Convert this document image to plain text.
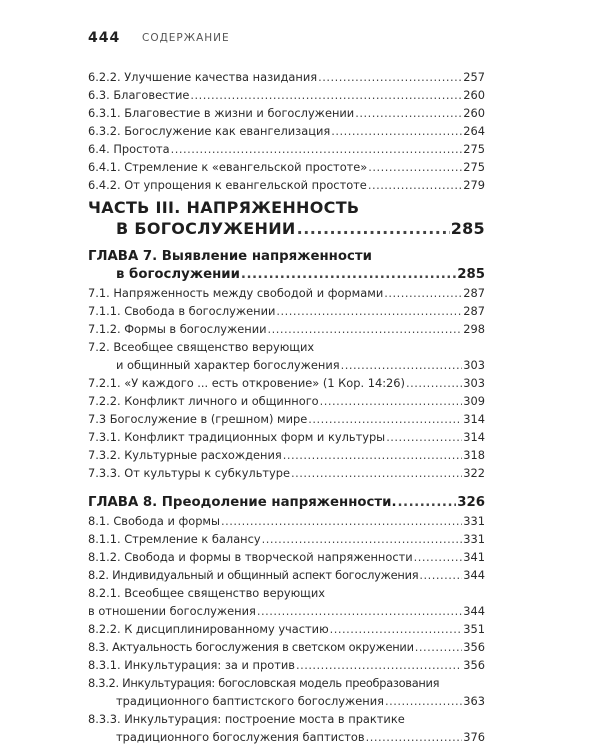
444 СОДЕРЖАНИЕ
6.2.2. Улучшение качества назидания .....	257
6.3. Благовестие .....	260
6.3.1. Благовестие в жизни и богослужении .....	260
6.3.2. Богослужение как евангелизация .....	264
6.4. Простота .....	275
6.4.1. Стремление к «евангельской простоте» .....	275
6.4.2. От упрощения к евангельской простоте .....	279
ЧАСТЬ III. НАПРЯЖЕННОСТЬ
В БОГОСЛУЖЕНИИ .....	285
ГЛАВА 7. Выявление напряженности
в богослужении .....	285
7.1. Напряженность между свободой и формами .....	287
7.1.1. Свобода в богослужении .....	287
7.1.2. Формы в богослужении .....	298
7.2. Всеобщее священство верующих
и общинный характер богослужения .....	303
7.2.1. «У каждого ... есть откровение» (1 Кор. 14:26) .....	303
7.2.2. Конфликт личного и общинного .....	309
7.3 Богослужение в (грешном) мире .....	314
7.3.1. Конфликт традиционных форм и культуры .....	314
7.3.2. Культурные расхождения .....	318
7.3.3. От культуры к субкультуре .....	322
ГЛАВА 8. Преодоление напряженности. .....	326
8.1. Свобода и формы .....	331
8.1.1. Стремление к балансу .....	331
8.1.2. Свобода и формы в творческой напряженности .....	341
8.2. Индивидуальный и общинный аспект богослужения .....	344
8.2.1. Всеобщее священство верующих
в отношении богослужения .....	344
8.2.2. К дисциплинированному участию .....	351
8.3. Актуальность богослужения в светском окружении .....	356
8.3.1. Инкультурация: за и против .....	356
8.3.2. Инкультурация: богословская модель преобразования
традиционного баптистского богослужения .....	363
8.3.3. Инкультурация: построение моста в практике
традиционного богослужения баптистов .....	376
